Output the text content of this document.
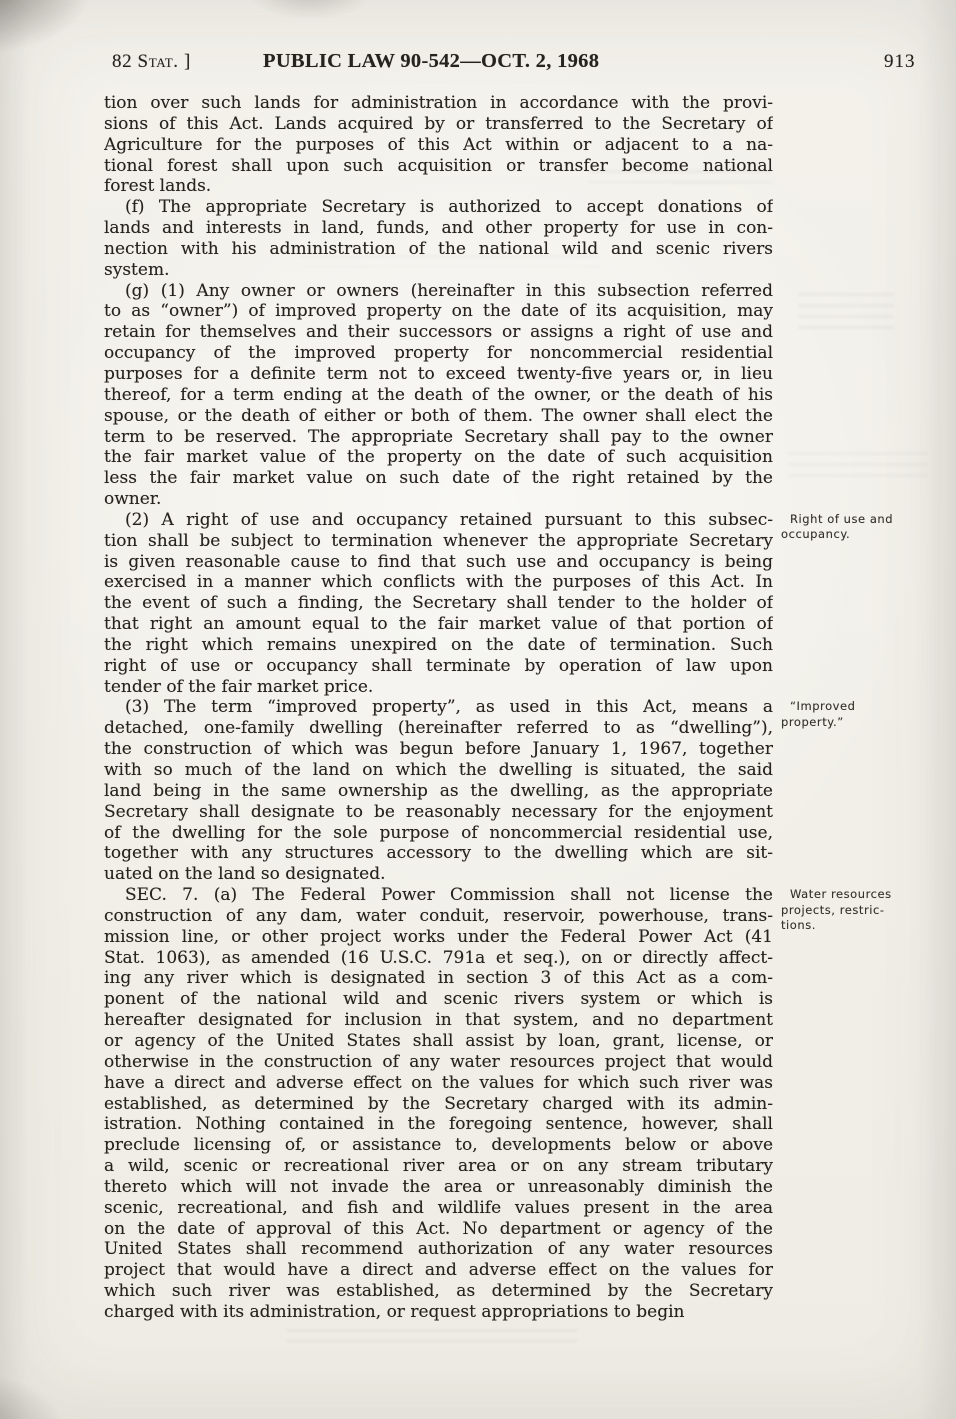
82 Stat. ]	PUBLIC LAW 90-542—OCT. 2, 1968	913
tion over such lands for administration in accordance with the provi-
sions of this Act. Lands acquired by or transferred to the Secretary of
Agriculture for the purposes of this Act within or adjacent to a na-
tional forest shall upon such acquisition or transfer become national
forest lands.
(f) The appropriate Secretary is authorized to accept donations of
lands and interests in land, funds, and other property for use in con-
nection with his administration of the national wild and scenic rivers
system.
(g) (1) Any owner or owners (hereinafter in this subsection referred
to as “owner”) of improved property on the date of its acquisition, may
retain for themselves and their successors or assigns a right of use and
occupancy of the improved property for noncommercial residential
purposes for a definite term not to exceed twenty-five years or, in lieu
thereof, for a term ending at the death of the owner, or the death of his
spouse, or the death of either or both of them. The owner shall elect the
term to be reserved. The appropriate Secretary shall pay to the owner
the fair market value of the property on the date of such acquisition
less the fair market value on such date of the right retained by the
owner.
(2) A right of use and occupancy retained pursuant to this subsec-
tion shall be subject to termination whenever the appropriate Secretary
is given reasonable cause to find that such use and occupancy is being
exercised in a manner which conflicts with the purposes of this Act. In
the event of such a finding, the Secretary shall tender to the holder of
that right an amount equal to the fair market value of that portion of
the right which remains unexpired on the date of termination. Such
right of use or occupancy shall terminate by operation of law upon
tender of the fair market price.
Right of use and
occupancy.
(3) The term “improved property”, as used in this Act, means a
detached, one-family dwelling (hereinafter referred to as “dwelling”),
the construction of which was begun before January 1, 1967, together
with so much of the land on which the dwelling is situated, the said
land being in the same ownership as the dwelling, as the appropriate
Secretary shall designate to be reasonably necessary for the enjoyment
of the dwelling for the sole purpose of noncommercial residential use,
together with any structures accessory to the dwelling which are sit-
uated on the land so designated.
“Improved
property.”
SEC. 7. (a) The Federal Power Commission shall not license the
construction of any dam, water conduit, reservoir, powerhouse, trans-
mission line, or other project works under the Federal Power Act (41
Stat. 1063), as amended (16 U.S.C. 791a et seq.), on or directly affect-
ing any river which is designated in section 3 of this Act as a com-
ponent of the national wild and scenic rivers system or which is
hereafter designated for inclusion in that system, and no department
or agency of the United States shall assist by loan, grant, license, or
otherwise in the construction of any water resources project that would
have a direct and adverse effect on the values for which such river was
established, as determined by the Secretary charged with its admin-
istration. Nothing contained in the foregoing sentence, however, shall
preclude licensing of, or assistance to, developments below or above
a wild, scenic or recreational river area or on any stream tributary
thereto which will not invade the area or unreasonably diminish the
scenic, recreational, and fish and wildlife values present in the area
on the date of approval of this Act. No department or agency of the
United States shall recommend authorization of any water resources
project that would have a direct and adverse effect on the values for
which such river was established, as determined by the Secretary
charged with its administration, or request appropriations to begin
Water resources
projects, restric-
tions.
